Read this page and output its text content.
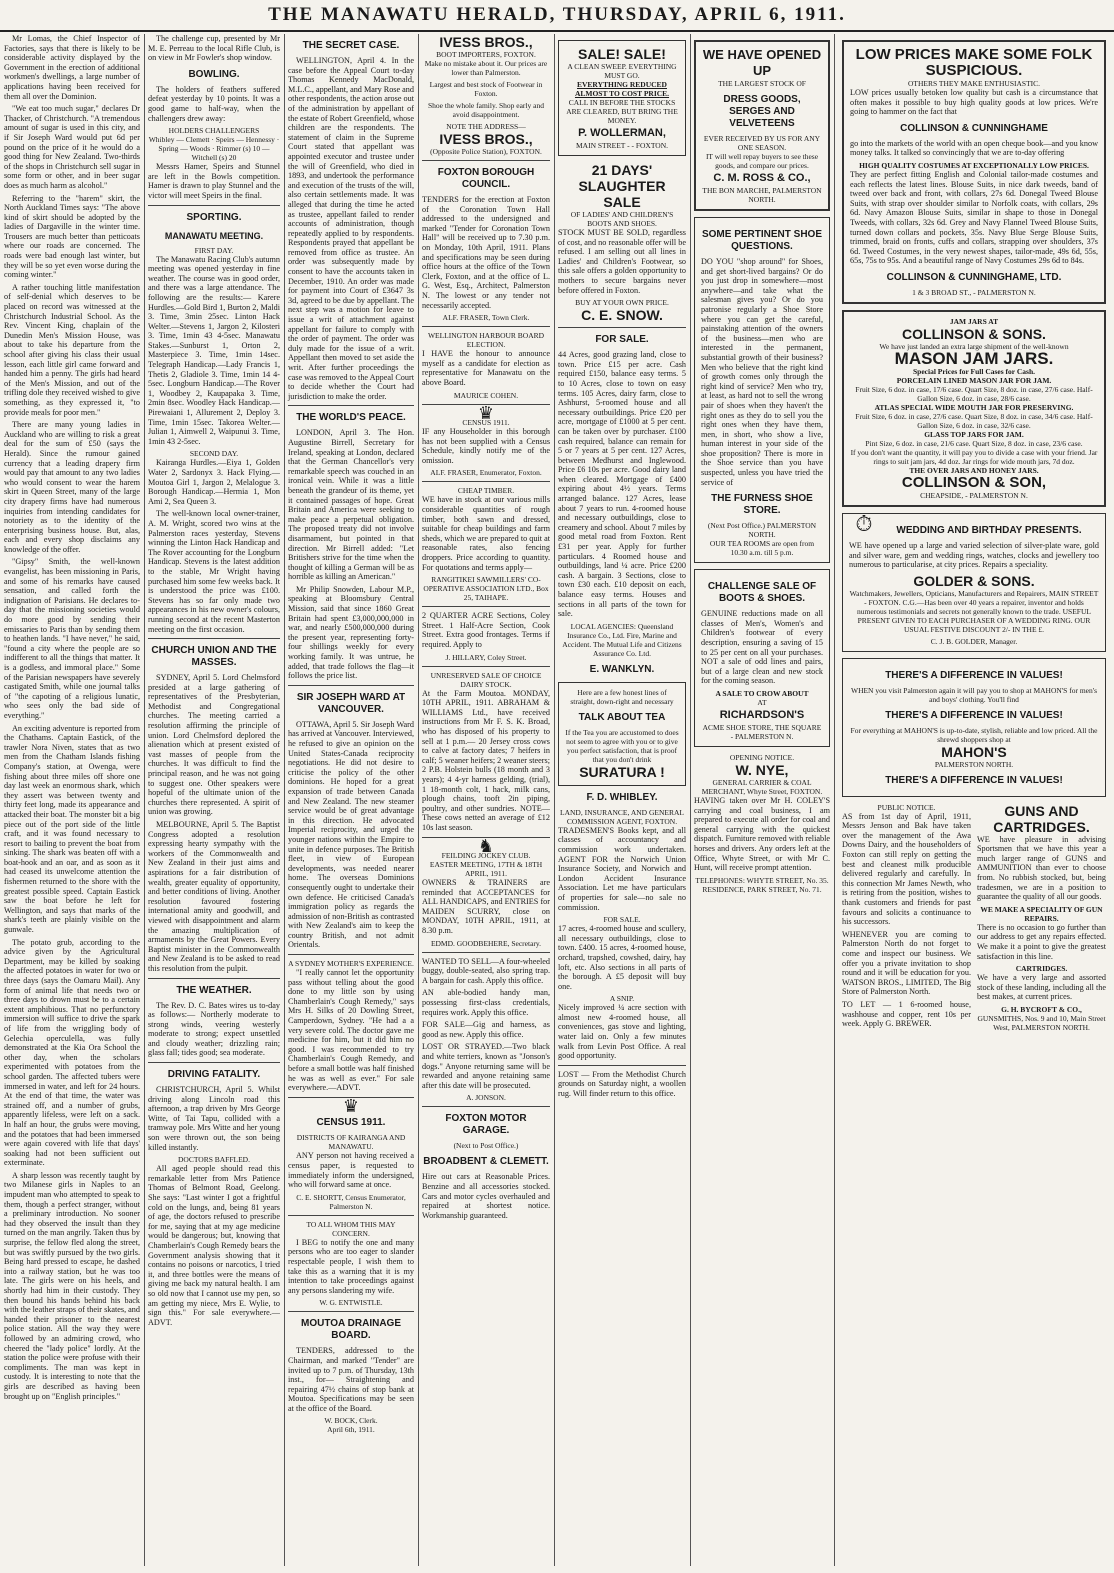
THE MANAWATU HERALD, THURSDAY, APRIL 6, 1911.

Mr Lomas, the Chief Inspector of Factories, says that there is likely to be considerable activity displayed by the Government in the erection of additional workmen's dwellings, a large number of applications having been received for them all over the Dominion.

"We eat too much sugar," declares Dr Thacker, of Christchurch. "A tremendous amount of sugar is used in this city, and if Sir Joseph Ward would put 6d per pound on the price of it he would do a good thing for New Zealand. Two-thirds of the shops in Christchurch sell sugar in some form or other, and in beer sugar does as much harm as alcohol."

Referring to the "harem" skirt, the North Auckland Times says: "The above kind of skirt should be adopted by the ladies of Dargaville in the winter time. Trousers are much better than petticoats where our roads are concerned. The roads were bad enough last winter, but they will be so yet even worse during the coming winter."

A rather touching little manifestation of self-denial which deserves to be placed on record was witnessed at the Christchurch Industrial School. As the Rev. Vincent King, chaplain of the Dunedin Men's Mission House, was about to take his departure from the school after giving his class their usual lesson, each little girl came forward and handed him a penny. The girls had heard of the Men's Mission, and out of the trifling dole they received wished to give something, as they expressed it, "to provide meals for poor men."

There are many young ladies in Auckland who are willing to risk a great deal for the sum of £50 (says the Herald). Since the rumour gained currency that a leading drapery firm would pay that amount to any two ladies who would consent to wear the harem skirt in Queen Street, many of the large city drapery firms have had numerous inquiries from intending candidates for notoriety as to the identity of the enterprising business house. But, alas, each and every shop disclaims any knowledge of the offer.

"Gipsy" Smith, the well-known evangelist, has been missioning in Paris, and some of his remarks have caused sensation, and called forth the indignation of Parisians. He declares to-day that the missioning societies would do more good by sending their emissaries to Paris than by sending them to heathen lands. "I have never," he said, "found a city where the people are so indifferent to all the things that matter. It is a godless, and immoral place." Some of the Parisian newspapers have severely castigated Smith, while one journal talks of "the capoting of a religious lunatic, who sees only the bad side of everything."

An exciting adventure is reported from the Chathams. Captain Eastick, of the trawler Nora Niven, states that as two men from the Chatham Islands fishing Company's station, at Owenga, were fishing about three miles off shore one day last week an enormous shark, which they assert was between twenty and thirty feet long, made its appearance and attacked their boat. The monster bit a big piece out of the port side of the little craft, and it was found necessary to resort to bailing to prevent the boat from sinking. The shark was beaten off with a boat-hook and an oar, and as soon as it had ceased its unwelcome attention the fishermen returned to the shore with the greatest possible speed. Captain Eastick saw the boat before he left for Wellington, and says that marks of the shark's teeth are plainly visible on the gunwale.

The potato grub, according to the advice given by the Agricultural Department, may be killed by soaking the affected potatoes in water for two or three days (says the Oamaru Mail). Any form of animal life that needs two or three days to drown must be to a certain extent amphibious. That no perfunctory immersion will suffice to drive the spark of life from the wriggling body of Gelechia operculella, was fully demonstrated at the Kia Ora School the other day, when the scholars experimented with potatoes from the school garden. The affected tubers were immersed in water, and left for 24 hours. At the end of that time, the water was strained off, and a number of grubs, apparently lifeless, were left on a sack. In half an hour, the grubs were moving, and the potatoes that had been immersed were again covered with life that days' soaking had not been sufficient out exterminate.

A sharp lesson was recently taught by two Milanese girls in Naples to an impudent man who attempted to speak to them, though a perfect stranger, without a preliminary introduction. No sooner had they observed the insult than they turned on the man angrily. Taken thus by surprise, the fellow fled along the street, but was swiftly pursued by the two girls. Being hard pressed to escape, he dashed into a railway station, but he was too late. The girls were on his heels, and shortly had him in their custody. They then bound his hands behind his back with the leather straps of their skates, and handed their prisoner to the nearest police station. All the way they were followed by an admiring crowd, who cheered the "lady police" lordly. At the station the police were profuse with their compliments. The man was kept in custody. It is interesting to note that the girls are described as having been brought up on "English principles."

The challenge cup, presented by Mr M. E. Perreau to the local Rifle Club, is on view in Mr Fowler's shop window.

BOWLING.

The holders of feathers suffered defeat yesterday by 10 points. It was a good game to half-way, when the challengers drew away:

HOLDERS CHALLENGERS
Whibley — Clemett · Speirs — Hennessy · Spring — Woods · Rimmer (s) 10 — Witchell (s) 20

Messrs Hamer, Speirs and Stunnel are left in the Bowls competition. Hamer is drawn to play Stunnel and the victor will meet Speirs in the final.

SPORTING.
MANAWATU MEETING.
FIRST DAY.

The Manawatu Racing Club's autumn meeting was opened yesterday in fine weather. The course was in good order, and there was a large attendance. The following are the results:— Karere Hurdles.—Gold Bird 1, Burton 2, Maldi 3. Time, 3min 25sec. Linton Hack Welter.—Stevens 1, Jargon 2, Kilosteri 3. Time, 1min 43 4-5sec. Manawatu Stakes.—Sunburst 1, Orton 2, Masterpiece 3. Time, 1min 14sec. Telegraph Handicap.—Lady Francis 1, Thetis 2, Gladiole 3. Time, 1min 14 4-5sec. Longburn Handicap.—The Rover 1, Woodbey 2, Kaupapaka 3. Time, 2min 8sec. Woodley Hack Handicap.—Pirewaiani 1, Allurement 2, Deploy 3. Time, 1min 15sec. Takorea Welter.—Julian 1, Aimwell 2, Waipunui 3. Time, 1min 43 2-5sec.

SECOND DAY.

Kairanga Hurdles.—Eiya 1, Golden Water 2, Sardonyx 3. Hack Flying.—Moutoa Girl 1, Jargon 2, Melalogue 3. Borough Handicap.—Hermia 1, Mon Ami 2, Sea Queen 3.

The well-known local owner-trainer, A. M. Wright, scored two wins at the Palmerston races yesterday, Stevens winning the Linton Hack Handicap and The Rover accounting for the Longburn Handicap. Stevens is the latest addition to the stable, Mr Wright having purchased him some few weeks back. It is understood the price was £100. Stevens has so far only made two appearances in his new owner's colours, running second at the recent Masterton meeting on the first occasion.

CHURCH UNION AND THE MASSES.

SYDNEY, April 5. Lord Chelmsford presided at a large gathering of representatives of the Presbyterian, Methodist and Congregational churches. The meeting carried a resolution affirming the principle of union. Lord Chelmsford deplored the alienation which at present existed of vast masses of people from the churches. It was difficult to find the principal reason, and he was not going to suggest one. Other speakers were hopeful of the ultimate union of the churches there represented. A spirit of union was growing.

MELBOURNE, April 5. The Baptist Congress adopted a resolution expressing hearty sympathy with the workers of the Commonwealth and New Zealand in their just aims and aspirations for a fair distribution of wealth, greater equality of opportunity, and better conditions of living. Another resolution favoured fostering international amity and goodwill, and viewed with disappointment and alarm the amazing multiplication of armaments by the Great Powers. Every Baptist minister in the Commonwealth and New Zealand is to be asked to read this resolution from the pulpit.

THE WEATHER.

The Rev. D. C. Bates wires us to-day as follows:— Northerly moderate to strong winds, veering westerly moderate to strong; expect unsettled and cloudy weather; drizzling rain; glass fall; tides good; sea moderate.

DRIVING FATALITY.

CHRISTCHURCH, April 5. Whilst driving along Lincoln road this afternoon, a trap driven by Mrs George Witte, of Tai Tapu, collided with a tramway pole. Mrs Witte and her young son were thrown out, the son being killed instantly.

DOCTORS BAFFLED.

All aged people should read this remarkable letter from Mrs Patience Thomas of Belmont Road, Geelong. She says: "Last winter I got a frightful cold on the lungs, and, being 81 years of age, the doctors refused to prescribe for me, saying that at my age medicine would be dangerous; but, knowing that Chamberlain's Cough Remedy bears the Government analysis showing that it contains no poisons or narcotics, I tried it, and three bottles were the means of giving me back my natural health. I am so old now that I cannot use my pen, so am getting my niece, Mrs E. Wylie, to sign this." For sale everywhere.—ADVT.

THE SECRET CASE.

WELLINGTON, April 4. In the case before the Appeal Court to-day Thomas Kennedy MacDonald, M.L.C., appellant, and Mary Rose and other respondents, the action arose out of the administration by appellant of the estate of Robert Greenfield, whose children are the respondents. The statement of claim in the Supreme Court stated that appellant was appointed executor and trustee under the will of Greenfield, who died in 1893, and undertook the performance and execution of the trusts of the will, also certain settlements made. It was alleged that during the time he acted as trustee, appellant failed to render accounts of administration, though repeatedly applied to by respondents. Respondents prayed that appellant be removed from office as trustee. An order was subsequently made by consent to have the accounts taken in December, 1910. An order was made for payment into Court of £3647 3s 3d, agreed to be due by appellant. The next step was a motion for leave to issue a writ of attachment against appellant for failure to comply with the order of payment. The order was duly made for the issue of a writ. Appellant then moved to set aside the writ. After further proceedings the case was removed to the Appeal Court to decide whether the Court had jurisdiction to make the order.

THE WORLD'S PEACE.

LONDON, April 3. The Hon. Augustine Birrell, Secretary for Ireland, speaking at London, declared that the German Chancellor's very remarkable speech was couched in an ironical vein. While it was a little beneath the grandeur of its theme, yet it contained passages of hope. Great Britain and America were seeking to make peace a perpetual obligation. The proposed treaty did not involve disarmament, but pointed in that direction. Mr Birrell added: "Let Britishers strive for the time when the thought of killing a German will be as horrible as killing an American."

Mr Philip Snowden, Labour M.P., speaking at Bloomsbury Central Mission, said that since 1860 Great Britain had spent £3,000,000,000 in war, and nearly £500,000,000 during the present year, representing forty-four shillings weekly for every working family. It was untrue, he added, that trade follows the flag—it follows the price list.

SIR JOSEPH WARD AT VANCOUVER.

OTTAWA, April 5. Sir Joseph Ward has arrived at Vancouver. Interviewed, he refused to give an opinion on the United States-Canada reciprocity negotiations. He did not desire to criticise the policy of the other dominions. He hoped for a great expansion of trade between Canada and New Zealand. The new steamer service would be of great advantage in this direction. He advocated Imperial reciprocity, and urged the younger nations within the Empire to unite in defence purposes. The British fleet, in view of European developments, was needed nearer home. The overseas Dominions consequently ought to undertake their own defence. He criticised Canada's immigration policy as regards the admission of non-British as contrasted with New Zealand's aim to keep the country British, and not admit Orientals.

A SYDNEY MOTHER'S EXPERIENCE.

"I really cannot let the opportunity pass without telling about the good done to my little son by using Chamberlain's Cough Remedy," says Mrs H. Silks of 20 Dowling Street, Camperdown, Sydney. "He had a a very severe cold. The doctor gave me medicine for him, but it did him no good. I was recommended to try Chamberlain's Cough Remedy, and before a small bottle was half finished he was as well as ever." For sale everywhere.—ADVT.

♛
CENSUS 1911.
DISTRICTS OF KAIRANGA AND MANAWATU.

ANY person not having received a census paper, is requested to immediately inform the undersigned, who will forward same at once.

C. E. SHORTT, Census Enumerator, Palmerston N.
TO ALL WHOM THIS MAY CONCERN.

I BEG to notify the one and many persons who are too eager to slander respectable people, I wish them to take this as a warning that it is my intention to take proceedings against any persons slandering my wife.

W. G. ENTWISTLE.
MOUTOA DRAINAGE BOARD.

TENDERS, addressed to the Chairman, and marked "Tender" are invited up to 7 p.m. of Thursday, 13th inst., for— Straightening and repairing 47½ chains of stop bank at Moutoa. Specifications may be seen at the office of the Board.

W. BOCK, Clerk.
April 6th, 1911.
IVESS BROS.,
BOOT IMPORTERS, FOXTON.

Make no mistake about it. Our prices are lower than Palmerston.

Largest and best stock of Footwear in Foxton.

Shoe the whole family. Shop early and avoid disappointment.

NOTE THE ADDRESS—
IVESS BROS.,
(Opposite Police Station), FOXTON.
FOXTON BOROUGH COUNCIL.

TENDERS for the erection at Foxton of the Coronation Town Hall addressed to the undersigned and marked "Tender for Coronation Town Hall" will be received up to 7.30 p.m. on Monday, 10th April, 1911. Plans and specifications may be seen during office hours at the office of the Town Clerk, Foxton, and at the office of L. G. West, Esq., Architect, Palmerston N. The lowest or any tender not necessarily accepted.

ALF. FRASER, Town Clerk.
WELLINGTON HARBOUR BOARD ELECTION.

I HAVE the honour to announce myself as a candidate for election as representative for Manawatu on the above Board.

MAURICE COHEN.
♛
CENSUS 1911.

IF any Householder in this borough has not been supplied with a Census Schedule, kindly notify me of the omission.

ALF. FRASER, Enumerator, Foxton.
CHEAP TIMBER.

WE have in stock at our various mills considerable quantities of rough timber, both sawn and dressed, suitable for cheap buildings and farm sheds, which we are prepared to quit at reasonable rates, also fencing droppers. Price according to quantity. For quotations and terms apply—

RANGITIKEI SAWMILLERS' CO-OPERATIVE ASSOCIATION LTD., Box 25, TAIHAPE.

2 QUARTER ACRE Sections, Coley Street. 1 Half-Acre Section, Cook Street. Extra good frontages. Terms if required. Apply to

J. HILLARY, Coley Street.
UNRESERVED SALE OF CHOICE DAIRY STOCK.

At the Farm Moutoa. MONDAY, 10TH APRIL, 1911. ABRAHAM & WILLIAMS Ltd., have received instructions from Mr F. S. K. Broad, who has disposed of his property to sell at 1 p.m.— 20 Jersey cross cows to calve at factory dates; 7 heifers in calf; 5 weaner heifers; 2 weaner steers; 2 P.B. Holstein bulls (18 month and 3 years); 4 4-yr harness gelding, (trial), 1 18-month colt, 1 hack, milk cans, plough chains, tooft 2in piping, poultry, and other sundries. NOTE—These cows netted an average of £12 10s last season.

♞
FEILDING JOCKEY CLUB.
EASTER MEETING, 17TH & 18TH APRIL, 1911.

OWNERS & TRAINERS are reminded that ACCEPTANCES for ALL HANDICAPS, and ENTRIES for MAIDEN SCURRY, close on MONDAY, 10TH APRIL, 1911, at 8.30 p.m.

EDMD. GOODBEHERE, Secretary.

WANTED TO SELL—A four-wheeled buggy, double-seated, also spring trap. A bargain for cash. Apply this office.

AN able-bodied handy man, possessing first-class credentials, requires work. Apply this office.

FOR SALE—Gig and harness, as good as new. Apply this office.

LOST OR STRAYED.—Two black and white terriers, known as "Jonson's dogs." Anyone returning same will be rewarded and anyone retaining same after this date will be prosecuted.

A. JONSON.
FOXTON MOTOR GARAGE.
(Next to Post Office.)
BROADBENT & CLEMETT.

Hire out cars at Reasonable Prices. Benzine and all accessories stocked. Cars and motor cycles overhauled and repaired at shortest notice. Workmanship guaranteed.

SALE! SALE!
A CLEAN SWEEP. EVERYTHING MUST GO.
EVERYTHING REDUCED ALMOST TO COST PRICE.
CALL IN BEFORE THE STOCKS ARE CLEARED, BUT BRING THE MONEY.
P. WOLLERMAN,
MAIN STREET - - FOXTON.
21 DAYS' SLAUGHTER SALE
OF LADIES' AND CHILDREN'S BOOTS AND SHOES.

STOCK MUST BE SOLD, regardless of cost, and no reasonable offer will be refused. I am selling out all lines in Ladies' and Children's Footwear, so this sale offers a golden opportunity to mothers to secure bargains never before offered in Foxton.

BUY AT YOUR OWN PRICE.
C. E. SNOW.
FOR SALE.

44 Acres, good grazing land, close to town. Price £15 per acre. Cash required £150, balance easy terms. 5 to 10 Acres, close to town on easy terms. 105 Acres, dairy farm, close to Ashhurst, 5-roomed house and all necessary outbuildings. Price £20 per acre, mortgage of £1000 at 5 per cent. can be taken over by purchaser. £100 cash required, balance can remain for 5 or 7 years at 5 per cent. 127 Acres, between Medhurst and Inglewood. Price £6 10s per acre. Good dairy land when cleared. Mortgage of £400 expiring about 4½ years. Terms arranged balance. 127 Acres, lease about 7 years to run. 4-roomed house and necessary outbuildings, close to creamery and school. About 7 miles by good metal road from Foxton. Rent £31 per year. Apply for further particulars. 4 Roomed house and outbuildings, land ¼ acre. Price £200 cash. A bargain. 3 Sections, close to town £30 each. £10 deposit on each, balance easy terms. Houses and sections in all parts of the town for sale.

LOCAL AGENCIES: Queensland Insurance Co., Ltd. Fire, Marine and Accident. The Mutual Life and Citizens Assurance Co. Ltd.

E. WANKLYN.
Here are a few honest lines of straight, down-right and necessary
TALK ABOUT TEA
If the Tea you are accustomed to does not seem to agree with you or to give you perfect satisfaction, that is proof that you don't drink
SURATURA !
F. D. WHIBLEY.
LAND, INSURANCE, AND GENERAL COMMISSION AGENT, FOXTON.

TRADESMEN'S Books kept, and all classes of accountancy and commission work undertaken. AGENT FOR the Norwich Union Insurance Society, and Norwich and London Accident Insurance Association. Let me have particulars of properties for sale—no sale no commission.

FOR SALE.

17 acres, 4-roomed house and scullery, all necessary outbuildings, close to town. £400. 15 acres, 4-roomed house, orchard, trapshed, cowshed, dairy, hay loft, etc. Also sections in all parts of the borough. A £5 deposit will buy one.

A SNIP.

Nicely improved ¼ acre section with almost new 4-roomed house, all conveniences, gas stove and lighting, water laid on. Only a few minutes walk from Levin Post Office. A real good opportunity.

LOST — From the Methodist Church grounds on Saturday night, a woollen rug. Will finder return to this office.

WE HAVE OPENED UP
THE LARGEST STOCK OF
DRESS GOODS, SERGES AND VELVETEENS
EVER RECEIVED BY US FOR ANY ONE SEASON.
IT will well repay buyers to see these goods, and compare our prices.
C. M. ROSS & CO.,
THE BON MARCHE, PALMERSTON NORTH.
SOME PERTINENT SHOE QUESTIONS.

DO YOU "shop around" for Shoes, and get short-lived bargains? Or do you just drop in somewhere—most anywhere—and take what the salesman gives you? Or do you patronise regularly a Shoe Store where you can get the careful, painstaking attention of the owners of the business—men who are interested in the permanent, substantial growth of their business? Men who believe that the right kind of growth comes only through the right kind of service? Men who try, at least, as hard not to sell the wrong pair of shoes when they haven't the right ones as they do to sell you the right ones when they have them, men, in short, who show a live, human interest in your side of the shoe proposition? There is more in the Shoe service than you have suspected, unless you have tried the service of

THE FURNESS SHOE STORE.
(Next Post Office.) PALMERSTON NORTH.
OUR TEA ROOMS are open from 10.30 a.m. till 5 p.m.
CHALLENGE SALE OF BOOTS & SHOES.

GENUINE reductions made on all classes of Men's, Women's and Children's footwear of every description, ensuring a saving of 15 to 25 per cent on all your purchases. NOT a sale of odd lines and pairs, but of a large clean and new stock for the coming season.

A SALE TO CROW ABOUT
AT
RICHARDSON'S
ACME SHOE STORE, THE SQUARE - PALMERSTON N.
OPENING NOTICE.
W. NYE,
GENERAL CARRIER & COAL MERCHANT, Whyte Street, FOXTON.

HAVING taken over Mr H. COLEY'S carrying and coal business, I am prepared to execute all order for coal and general carrying with the quickest dispatch. Furniture removed with reliable horses and drivers. Any orders left at the Office, Whyte Street, or with Mr C. Hunt, will receive prompt attention.

TELEPHONES: WHYTE STREET, No. 35. RESIDENCE, PARK STREET, No. 71.
LOW PRICES MAKE SOME FOLK SUSPICIOUS.
OTHERS THEY MAKE ENTHUSIASTIC.

LOW prices usually betoken low quality but cash is a circumstance that often makes it possible to buy high quality goods at low prices. We're going to hammer on the fact that

COLLINSON & CUNNINGHAME

go into the markets of the world with an open cheque book—and you know money talks. It talked so convincingly that we are to-day offering

HIGH QUALITY COSTUMES AT EXCEPTIONALLY LOW PRICES.

They are perfect fitting English and Colonial tailor-made costumes and each reflects the latest lines. Blouse Suits, in nice dark tweeds, band of tweed over back and front, with collars, 27s 6d. Donegal Tweed Blouse Suits, with strap over shoulder similar to Norfolk coats, with collars, 29s 6d. Navy Amazon Blouse Suits, similar in shape to those in Donegal Tweeds, with collars, 32s 6d. Grey and Navy Flannel Tweed Blouse Suits, turned down collars and pockets, 35s. Navy Blue Serge Blouse Suits, trimmed, braid on fronts, cuffs and collars, strapping over shoulders, 37s 6d. Tweed Costumes, in the very newest shapes, tailor-made, 49s 6d, 55s, 65s, 75s to 95s. And a beautiful range of Navy Costumes 29s 6d to 84s.

COLLINSON & CUNNINGHAME, LTD.
1 & 3 BROAD ST., - PALMERSTON N.
JAM JARS AT
COLLINSON & SONS.
We have just landed an extra large shipment of the well-known
MASON JAM JARS.
Special Prices for Full Cases for Cash.
PORCELAIN LINED MASON JAR FOR JAM.
Fruit Size, 6 doz. in case, 17/6 case. Quart Size, 8 doz. in case, 27/6 case. Half-Gallon Size, 6 doz. in case, 28/6 case.
ATLAS SPECIAL WIDE MOUTH JAR FOR PRESERVING.
Fruit Size, 6 doz. in case, 27/6 case. Quart Size, 8 doz. in case, 34/6 case. Half-Gallon Size, 6 doz. in case, 32/6 case.
GLASS TOP JARS FOR JAM.
Pint Size, 6 doz. in case, 21/6 case. Quart Size, 8 doz. in case, 23/6 case.
If you don't want the quantity, it will pay you to divide a case with your friend. Jar rings to suit jam jars, 4d doz. Jar rings for wide mouth jars, 7d doz.
THE OVER JARS AND HONEY JARS.
COLLINSON & SON,
CHEAPSIDE, - PALMERSTON N.
⏱	WEDDING AND BIRTHDAY PRESENTS.

WE have opened up a large and varied selection of silver-plate ware, gold and silver ware, gem and wedding rings, watches, clocks and jewellery too numerous to particularise, at city prices. Repairs a speciality.

GOLDER & SONS.

Watchmakers, Jewellers, Opticians, Manufacturers and Repairers, MAIN STREET - FOXTON. C.G.—Has been over 40 years a repairer, inventor and holds numerous testimonials and secrets not generally known to the trade. USEFUL PRESENT GIVEN TO EACH PURCHASER OF A WEDDING RING. OUR USUAL FESTIVE DISCOUNT 2/- IN THE £.

C. J. B. GOLDER, Manager.
THERE'S A DIFFERENCE IN VALUES!
WHEN you visit Palmerston again it will pay you to shop at MAHON'S for men's and boys' clothing. You'll find
THERE'S A DIFFERENCE IN VALUES!
For everything at MAHON'S is up-to-date, stylish, reliable and low priced. All the shrewd shoppers shop at
MAHON'S
PALMERSTON NORTH.
THERE'S A DIFFERENCE IN VALUES!
PUBLIC NOTICE.

AS from 1st day of April, 1911, Messrs Jenson and Bak have taken over the management of the Awa Downs Dairy, and the householders of Foxton can still reply on getting the best and cleanest milk producible delivered regularly and carefully. In this connection Mr James Newth, who is retiring from the position, wishes to thank customers and friends for past favours and solicits a continuance to his successors.

WHENEVER you are coming to Palmerston North do not forget to come and inspect our business. We offer you a private invitation to shop round and it will be education for you. WATSON BROS., LIMITED, The Big Store of Palmerston North.

TO LET — 1 6-roomed house, washhouse and copper, rent 10s per week. Apply G. BREWER.

GUNS AND CARTRIDGES.

WE have pleasure in advising Sportsmen that we have this year a much larger range of GUNS and AMMUNITION than ever to choose from. No rubbish stocked, but, being tradesmen, we are in a position to guarantee the quality of all our goods.

WE MAKE A SPECIALITY OF GUN REPAIRS.

There is no occasion to go further than our address to get any repairs effected. We make it a point to give the greatest satisfaction in this line.

CARTRIDGES.

We have a very large and assorted stock of these landing, including all the best makes, at current prices.

G. H. BYCROFT & CO.,
GUNSMITHS, Nos. 9 and 10, Main Street West, PALMERSTON NORTH.
